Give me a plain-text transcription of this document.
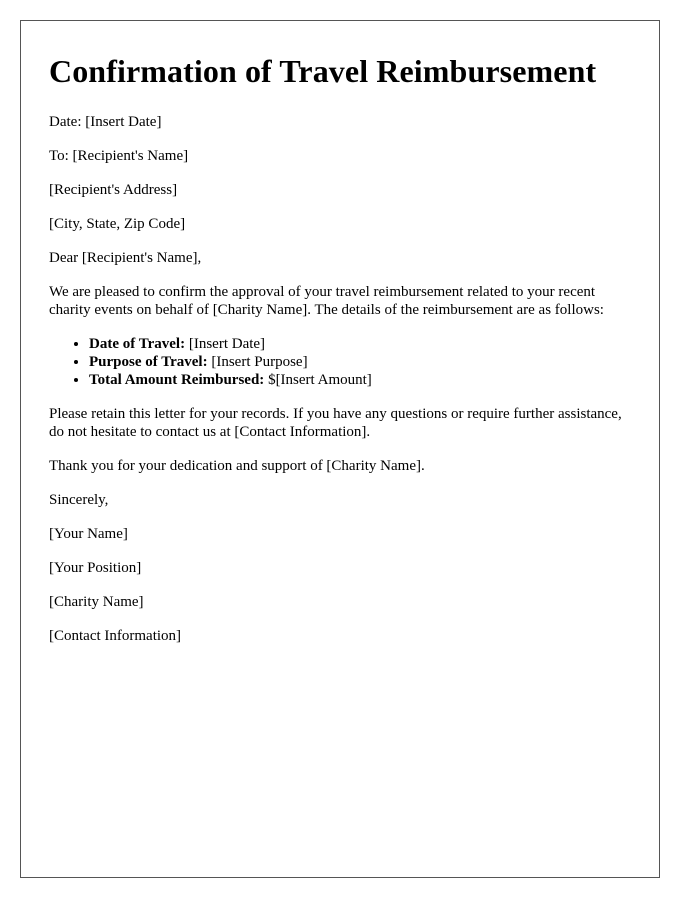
Confirmation of Travel Reimbursement

Date: [Insert Date]

To: [Recipient's Name]

[Recipient's Address]

[City, State, Zip Code]

Dear [Recipient's Name],

We are pleased to confirm the approval of your travel reimbursement related to your recent charity events on behalf of [Charity Name]. The details of the reimbursement are as follows:

• Date of Travel: [Insert Date]
• Purpose of Travel: [Insert Purpose]
• Total Amount Reimbursed: $[Insert Amount]

Please retain this letter for your records. If you have any questions or require further assistance, do not hesitate to contact us at [Contact Information].

Thank you for your dedication and support of [Charity Name].

Sincerely,

[Your Name]

[Your Position]

[Charity Name]

[Contact Information]
